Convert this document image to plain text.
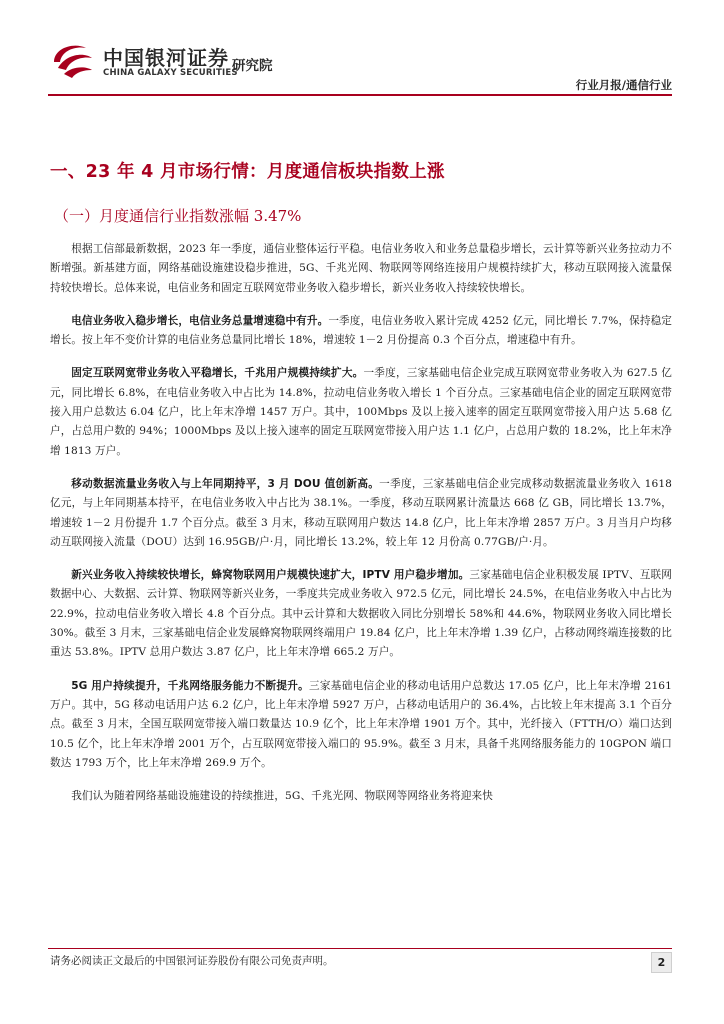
中国银河证券
CHINA GALAXY SECURITIES
研究院
行业月报/通信行业
一、23 年 4 月市场行情：月度通信板块指数上涨
（一）月度通信行业指数涨幅 3.47%

根据工信部最新数据，2023 年一季度，通信业整体运行平稳。电信业务收入和业务总量稳步增长，云计算等新兴业务拉动力不断增强。新基建方面，网络基础设施建设稳步推进，5G、千兆光网、物联网等网络连接用户规模持续扩大，移动互联网接入流量保持较快增长。总体来说，电信业务和固定互联网宽带业务收入稳步增长，新兴业务收入持续较快增长。

电信业务收入稳步增长，电信业务总量增速稳中有升。一季度，电信业务收入累计完成 4252 亿元，同比增长 7.7%，保持稳定增长。按上年不变价计算的电信业务总量同比增长 18%，增速较 1－2 月份提高 0.3 个百分点，增速稳中有升。

固定互联网宽带业务收入平稳增长，千兆用户规模持续扩大。一季度，三家基础电信企业完成互联网宽带业务收入为 627.5 亿元，同比增长 6.8%，在电信业务收入中占比为 14.8%，拉动电信业务收入增长 1 个百分点。三家基础电信企业的固定互联网宽带接入用户总数达 6.04 亿户，比上年末净增 1457 万户。其中，100Mbps 及以上接入速率的固定互联网宽带接入用户达 5.68 亿户，占总用户数的 94%；1000Mbps 及以上接入速率的固定互联网宽带接入用户达 1.1 亿户，占总用户数的 18.2%，比上年末净增 1813 万户。

移动数据流量业务收入与上年同期持平，3 月 DOU 值创新高。一季度，三家基础电信企业完成移动数据流量业务收入 1618 亿元，与上年同期基本持平，在电信业务收入中占比为 38.1%。一季度，移动互联网累计流量达 668 亿 GB，同比增长 13.7%，增速较 1－2 月份提升 1.7 个百分点。截至 3 月末，移动互联网用户数达 14.8 亿户，比上年末净增 2857 万户。3 月当月户均移动互联网接入流量（DOU）达到 16.95GB/户·月，同比增长 13.2%，较上年 12 月份高 0.77GB/户·月。

新兴业务收入持续较快增长，蜂窝物联网用户规模快速扩大，IPTV 用户稳步增加。三家基础电信企业积极发展 IPTV、互联网数据中心、大数据、云计算、物联网等新兴业务，一季度共完成业务收入 972.5 亿元，同比增长 24.5%，在电信业务收入中占比为 22.9%，拉动电信业务收入增长 4.8 个百分点。其中云计算和大数据收入同比分别增长 58%和 44.6%，物联网业务收入同比增长 30%。截至 3 月末，三家基础电信企业发展蜂窝物联网终端用户 19.84 亿户，比上年末净增 1.39 亿户，占移动网终端连接数的比重达 53.8%。IPTV 总用户数达 3.87 亿户，比上年末净增 665.2 万户。

5G 用户持续提升，千兆网络服务能力不断提升。三家基础电信企业的移动电话用户总数达 17.05 亿户，比上年末净增 2161 万户。其中，5G 移动电话用户达 6.2 亿户，比上年末净增 5927 万户，占移动电话用户的 36.4%，占比较上年末提高 3.1 个百分点。截至 3 月末，全国互联网宽带接入端口数量达 10.9 亿个，比上年末净增 1901 万个。其中，光纤接入（FTTH/O）端口达到 10.5 亿个，比上年末净增 2001 万个，占互联网宽带接入端口的 95.9%。截至 3 月末，具备千兆网络服务能力的 10GPON 端口数达 1793 万个，比上年末净增 269.9 万个。

我们认为随着网络基础设施建设的持续推进，5G、千兆光网、物联网等网络业务将迎来快

请务必阅读正文最后的中国银河证券股份有限公司免责声明。	2
